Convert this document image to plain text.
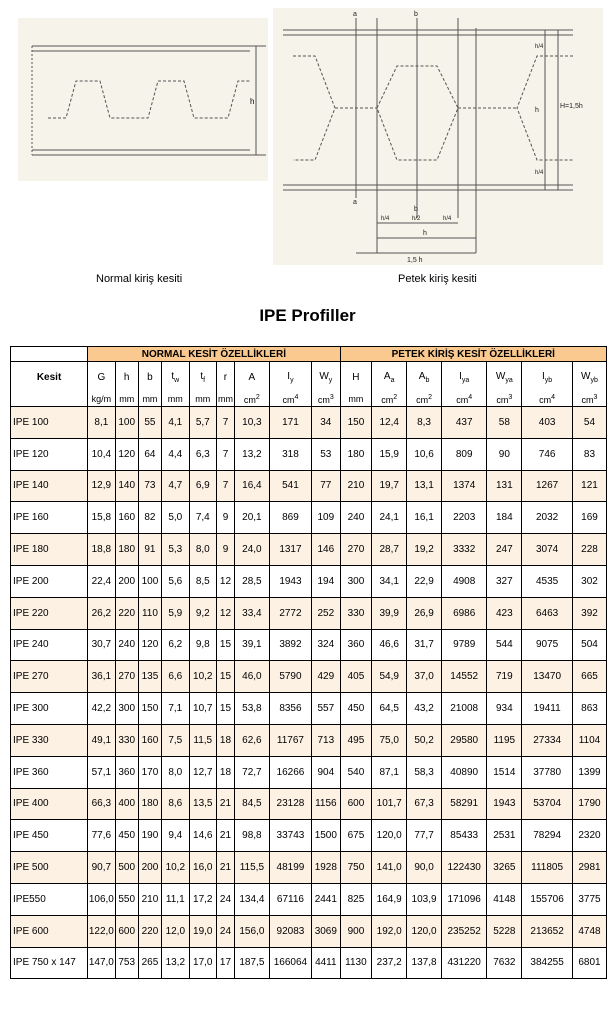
h
a	b
h/4
H=1,5h
h
h/4
a
b
h/4	h/2	h/4
h
1,5 h
Normal kiriş kesiti	Petek kiriş kesiti
IPE Profiller
	NORMAL KESİT ÖZELLİKLERİ									PETEK KİRİŞ KESİT ÖZELLİKLERİ						
Kesit	G	h	b	$t_w$	$t_f$	r	A	$I_y$	$W_y$	H	$A_a$	$A_b$	$I_{ya}$	$W_{ya}$	$I_{yb}$	$W_{yb}$
	kg/m	mm	mm	mm	mm	mm	$cm^2$	$cm^4$	$cm^3$	mm	$cm^2$	$cm^2$	$cm^4$	$cm^3$	$cm^4$	$cm^3$
IPE 100	8,1	100	55	4,1	5,7	7	10,3	171	34	150	12,4	8,3	437	58	403	54
IPE 120	10,4	120	64	4,4	6,3	7	13,2	318	53	180	15,9	10,6	809	90	746	83
IPE 140	12,9	140	73	4,7	6,9	7	16,4	541	77	210	19,7	13,1	1374	131	1267	121
IPE 160	15,8	160	82	5,0	7,4	9	20,1	869	109	240	24,1	16,1	2203	184	2032	169
IPE 180	18,8	180	91	5,3	8,0	9	24,0	1317	146	270	28,7	19,2	3332	247	3074	228
IPE 200	22,4	200	100	5,6	8,5	12	28,5	1943	194	300	34,1	22,9	4908	327	4535	302
IPE 220	26,2	220	110	5,9	9,2	12	33,4	2772	252	330	39,9	26,9	6986	423	6463	392
IPE 240	30,7	240	120	6,2	9,8	15	39,1	3892	324	360	46,6	31,7	9789	544	9075	504
IPE 270	36,1	270	135	6,6	10,2	15	46,0	5790	429	405	54,9	37,0	14552	719	13470	665
IPE 300	42,2	300	150	7,1	10,7	15	53,8	8356	557	450	64,5	43,2	21008	934	19411	863
IPE 330	49,1	330	160	7,5	11,5	18	62,6	11767	713	495	75,0	50,2	29580	1195	27334	1104
IPE 360	57,1	360	170	8,0	12,7	18	72,7	16266	904	540	87,1	58,3	40890	1514	37780	1399
IPE 400	66,3	400	180	8,6	13,5	21	84,5	23128	1156	600	101,7	67,3	58291	1943	53704	1790
IPE 450	77,6	450	190	9,4	14,6	21	98,8	33743	1500	675	120,0	77,7	85433	2531	78294	2320
IPE 500	90,7	500	200	10,2	16,0	21	115,5	48199	1928	750	141,0	90,0	122430	3265	111805	2981
IPE550	106,0	550	210	11,1	17,2	24	134,4	67116	2441	825	164,9	103,9	171096	4148	155706	3775
IPE 600	122,0	600	220	12,0	19,0	24	156,0	92083	3069	900	192,0	120,0	235252	5228	213652	4748
IPE 750 x 147	147,0	753	265	13,2	17,0	17	187,5	166064	4411	1130	237,2	137,8	431220	7632	384255	6801
